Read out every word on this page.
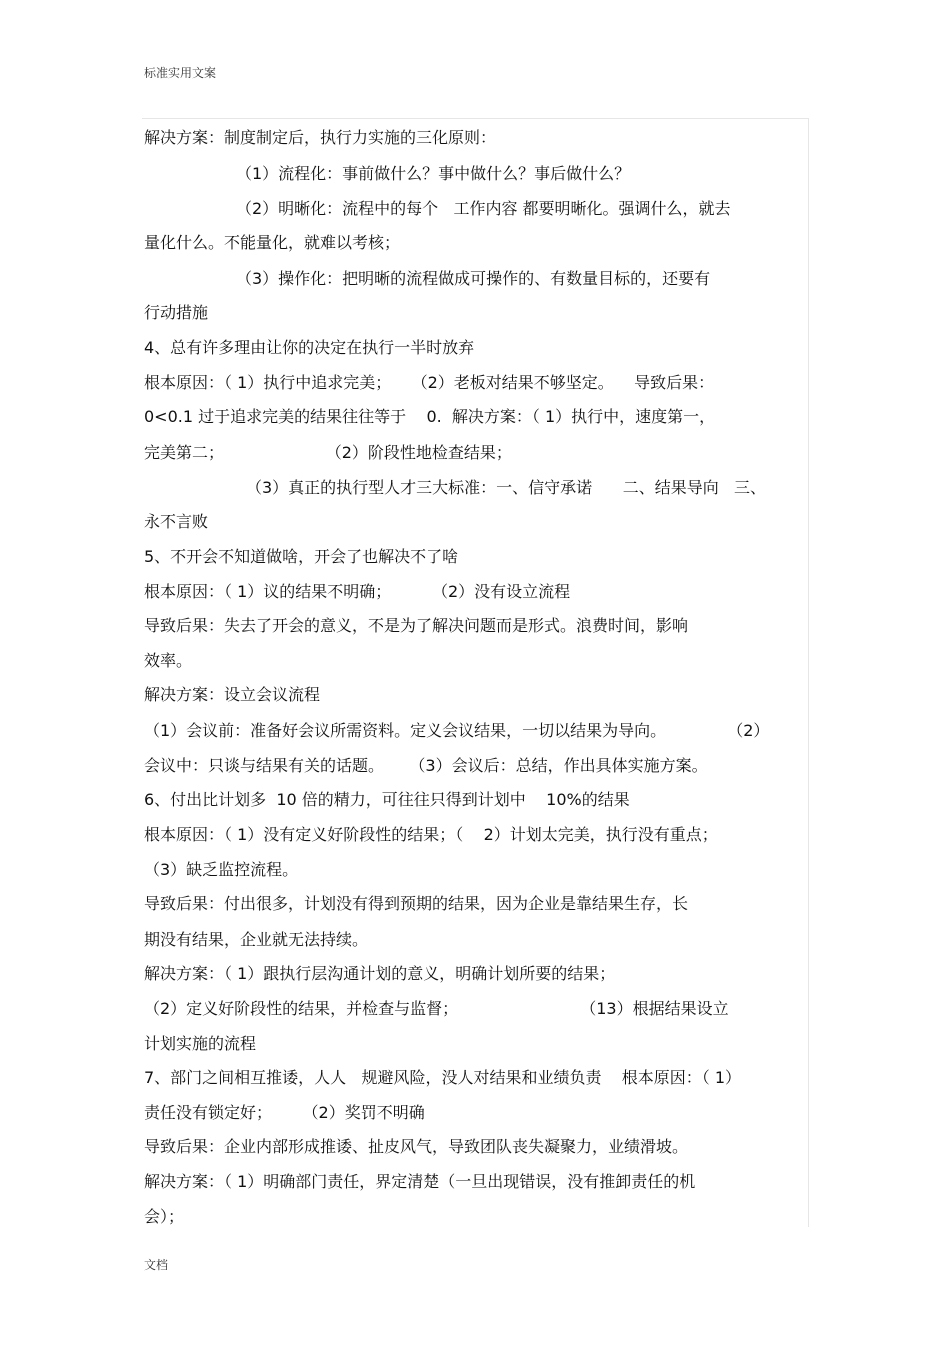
标准实用文案
解决方案：制度制定后，执行力实施的三化原则：
（1）流程化：事前做什么？事中做什么？事后做什么？
（2）明晰化：流程中的每个   工作内容 都要明晰化。强调什么，就去
量化什么。不能量化，就难以考核；
（3）操作化：把明晰的流程做成可操作的、有数量目标的，还要有
行动措施
4、总有许多理由让你的决定在执行一半时放弃
根本原因：（ 1）执行中追求完美；    （2）老板对结果不够坚定。    导致后果：
0<0.1 过于追求完美的结果往往等于    0.  解决方案：（ 1）执行中，速度第一，
完美第二；                    （2）阶段性地检查结果；
（3）真正的执行型人才三大标准：一、信守承诺      二、结果导向   三、
永不言败
5、不开会不知道做啥，开会了也解决不了啥
根本原因：（ 1）议的结果不明确；        （2）没有设立流程
导致后果：失去了开会的意义，不是为了解决问题而是形式。浪费时间，影响
效率。
解决方案：设立会议流程
（1）会议前：准备好会议所需资料。定义会议结果，一切以结果为导向。            （2）
会议中：只谈与结果有关的话题。     （3）会议后：总结，作出具体实施方案。
6、付出比计划多  10 倍的精力，可往往只得到计划中    10%的结果
根本原因：（ 1）没有定义好阶段性的结果；（    2）计划太完美，执行没有重点；
（3）缺乏监控流程。
导致后果：付出很多，计划没有得到预期的结果，因为企业是靠结果生存，长
期没有结果，企业就无法持续。
解决方案：（ 1）跟执行层沟通计划的意义，明确计划所要的结果；
（2）定义好阶段性的结果，并检查与监督；                        （13）根据结果设立
计划实施的流程
7、部门之间相互推诿，人人   规避风险，没人对结果和业绩负责    根本原因：（ 1）
责任没有锁定好；      （2）奖罚不明确
导致后果：企业内部形成推诿、扯皮风气，导致团队丧失凝聚力，业绩滑坡。
解决方案：（ 1）明确部门责任，界定清楚（一旦出现错误，没有推卸责任的机
会）；
文档
